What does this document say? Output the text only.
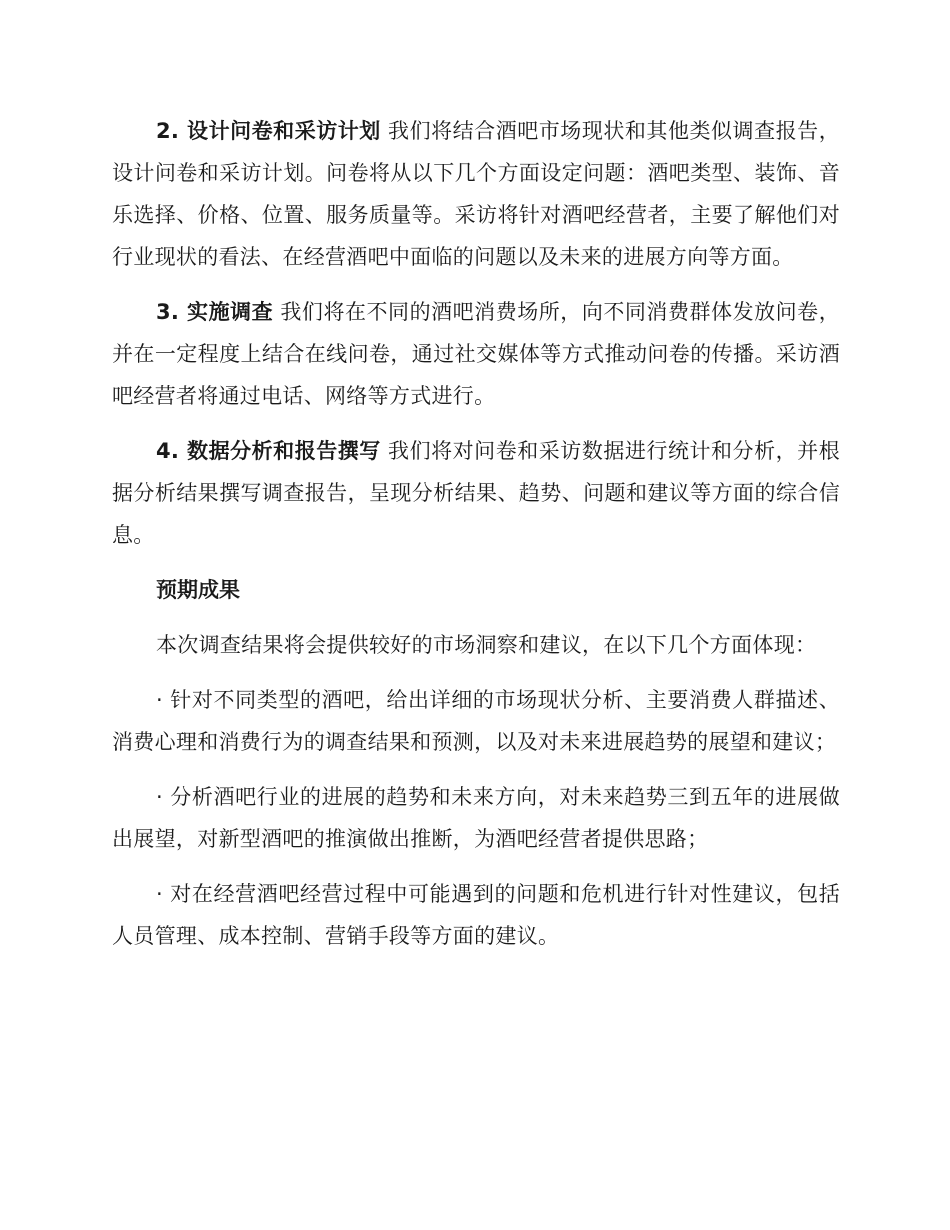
2. 设计问卷和采访计划 我们将结合酒吧市场现状和其他类似调查报告，设计问卷和采访计划。问卷将从以下几个方面设定问题：酒吧类型、装饰、音乐选择、价格、位置、服务质量等。采访将针对酒吧经营者，主要了解他们对行业现状的看法、在经营酒吧中面临的问题以及未来的进展方向等方面。

3. 实施调查 我们将在不同的酒吧消费场所，向不同消费群体发放问卷，并在一定程度上结合在线问卷，通过社交媒体等方式推动问卷的传播。采访酒吧经营者将通过电话、网络等方式进行。

4. 数据分析和报告撰写 我们将对问卷和采访数据进行统计和分析，并根据分析结果撰写调查报告，呈现分析结果、趋势、问题和建议等方面的综合信息。

预期成果

本次调查结果将会提供较好的市场洞察和建议，在以下几个方面体现：

· 针对不同类型的酒吧，给出详细的市场现状分析、主要消费人群描述、消费心理和消费行为的调查结果和预测，以及对未来进展趋势的展望和建议；

· 分析酒吧行业的进展的趋势和未来方向，对未来趋势三到五年的进展做出展望，对新型酒吧的推演做出推断，为酒吧经营者提供思路；

· 对在经营酒吧经营过程中可能遇到的问题和危机进行针对性建议，包括人员管理、成本控制、营销手段等方面的建议。
